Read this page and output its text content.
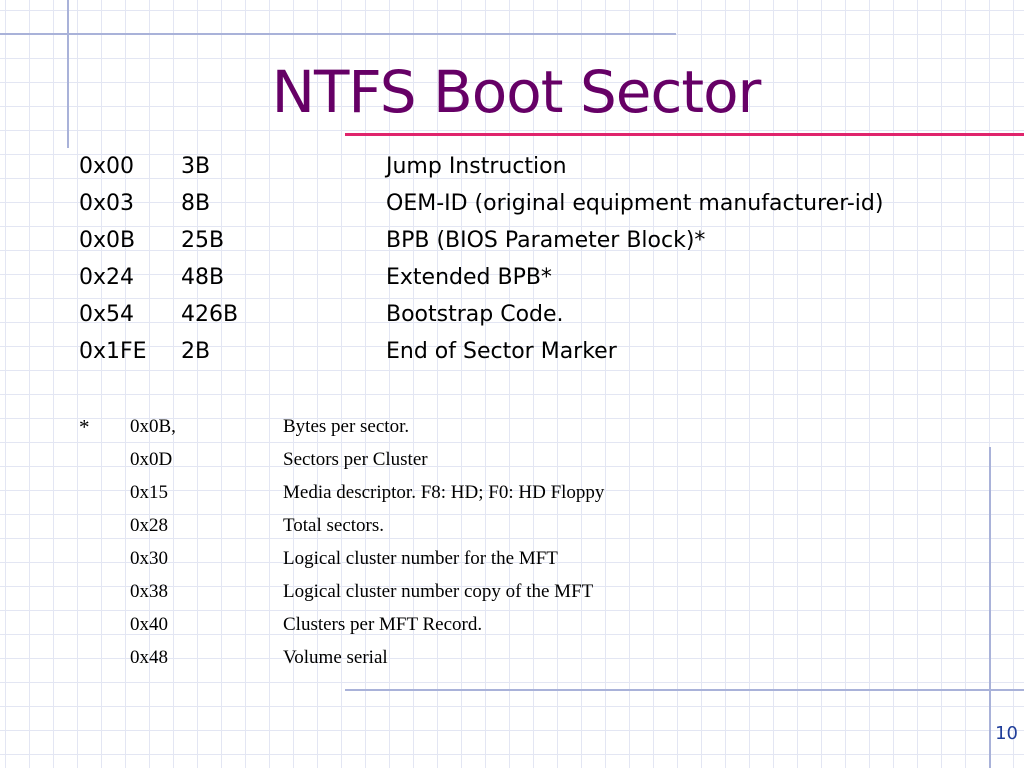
NTFS Boot Sector
0x00 3B	Jump Instruction
0x03 8B	OEM-ID (original equipment manufacturer-id)
0x0B 25B	BPB (BIOS Parameter Block)*
0x24 48B	Extended BPB*
0x54 426B	Bootstrap Code.
0x1FE 2B	End of Sector Marker
* 0x0B,	Bytes per sector.
0x0D	Sectors per Cluster
0x15	Media descriptor. F8: HD; F0: HD Floppy
0x28	Total sectors.
0x30	Logical cluster number for the MFT
0x38	Logical cluster number copy of the MFT
0x40	Clusters per MFT Record.
0x48	Volume serial
10
